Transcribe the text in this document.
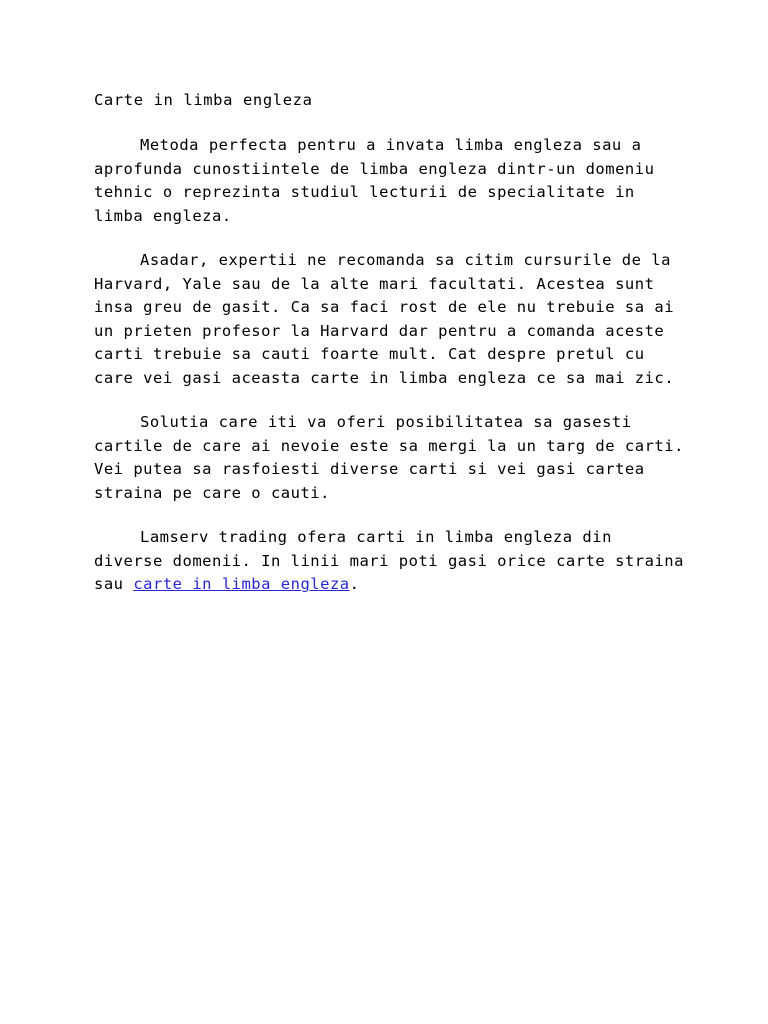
Carte in limba engleza

Metoda perfecta pentru a invata limba engleza sau a aprofunda cunostiintele de limba engleza dintr-un domeniu tehnic o reprezinta studiul lecturii de specialitate in limba engleza.

Asadar, expertii ne recomanda sa citim cursurile de la Harvard, Yale sau de la alte mari facultati. Acestea sunt insa greu de gasit. Ca sa faci rost de ele nu trebuie sa ai un prieten profesor la Harvard dar pentru a comanda aceste carti trebuie sa cauti foarte mult. Cat despre pretul cu care vei gasi aceasta carte in limba engleza ce sa mai zic.

Solutia care iti va oferi posibilitatea sa gasesti cartile de care ai nevoie este sa mergi la un targ de carti. Vei putea sa rasfoiesti diverse carti si vei gasi cartea straina pe care o cauti.

Lamserv trading ofera carti in limba engleza din diverse domenii. In linii mari poti gasi orice carte straina sau carte in limba engleza.
